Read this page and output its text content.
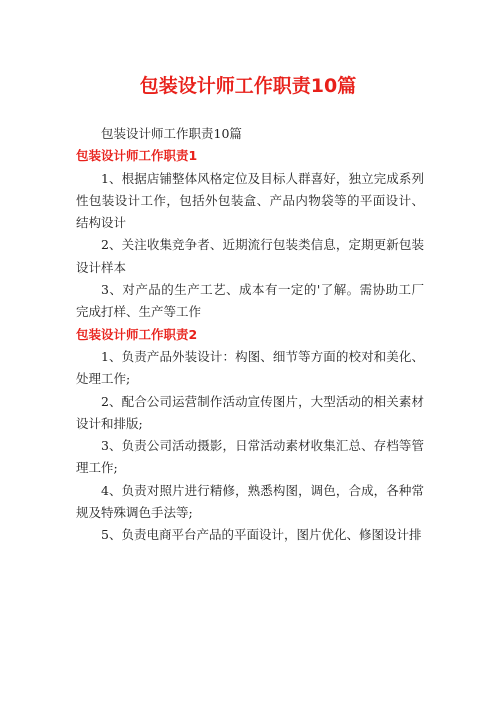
包装设计师工作职责10篇

包装设计师工作职责10篇

包装设计师工作职责1

1、根据店铺整体风格定位及目标人群喜好，独立完成系列性包装设计工作，包括外包装盒、产品内物袋等的平面设计、结构设计

2、关注收集竞争者、近期流行包装类信息，定期更新包装设计样本

3、对产品的生产工艺、成本有一定的'了解。需协助工厂完成打样、生产等工作

包装设计师工作职责2

1、负责产品外装设计：构图、细节等方面的校对和美化、处理工作;

2、配合公司运营制作活动宣传图片，大型活动的相关素材设计和排版;

3、负责公司活动摄影，日常活动素材收集汇总、存档等管理工作;

4、负责对照片进行精修，熟悉构图，调色，合成，各种常规及特殊调色手法等;

5、负责电商平台产品的平面设计，图片优化、修图设计排
